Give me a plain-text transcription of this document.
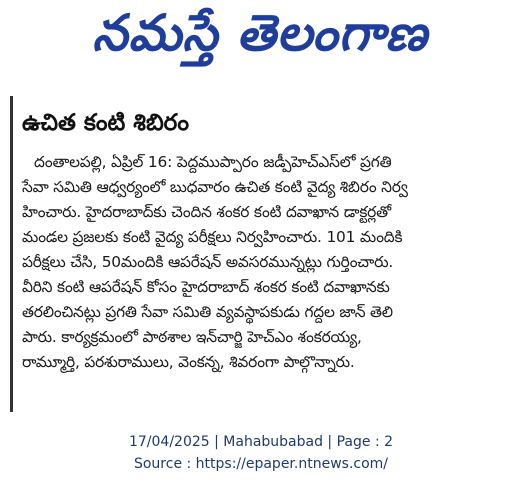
నమస్తే తెలంగాణ
ఉచిత కంటి శిబిరం
దంతాలపల్లి, ఏప్రిల్ 16: పెద్దముప్పారం జడ్పీహెచ్ఎస్‌లో ప్రగతి
సేవా సమితి ఆధ్వర్యంలో బుధవారం ఉచిత కంటి వైద్య శిబిరం నిర్వ
హించారు. హైదరాబాద్‌కు చెందిన శంకర కంటి దవాఖాన డాక్టర్లతో
మండల ప్రజలకు కంటి వైద్య పరీక్షలు నిర్వహించారు. 101 మందికి
పరీక్షలు చేసి, 50మందికి ఆపరేషన్ అవసరమున్నట్లు గుర్తించారు.
వీరిని కంటి ఆపరేషన్ కోసం హైదరాబాద్ శంకర కంటి దవాఖానకు
తరలించినట్లు ప్రగతి సేవా సమితి వ్యవస్థాపకుడు గద్దల జాన్ తెలి
పారు. కార్యక్రమంలో పాఠశాల ఇన్‌చార్జి హెచ్‌ఎం శంకరయ్య,
రామ్మూర్తి, పరశురాములు, వెంకన్న, శివరంగా పాల్గొన్నారు.
17/04/2025 | Mahabubabad | Page : 2
Source : https://epaper.ntnews.com/
